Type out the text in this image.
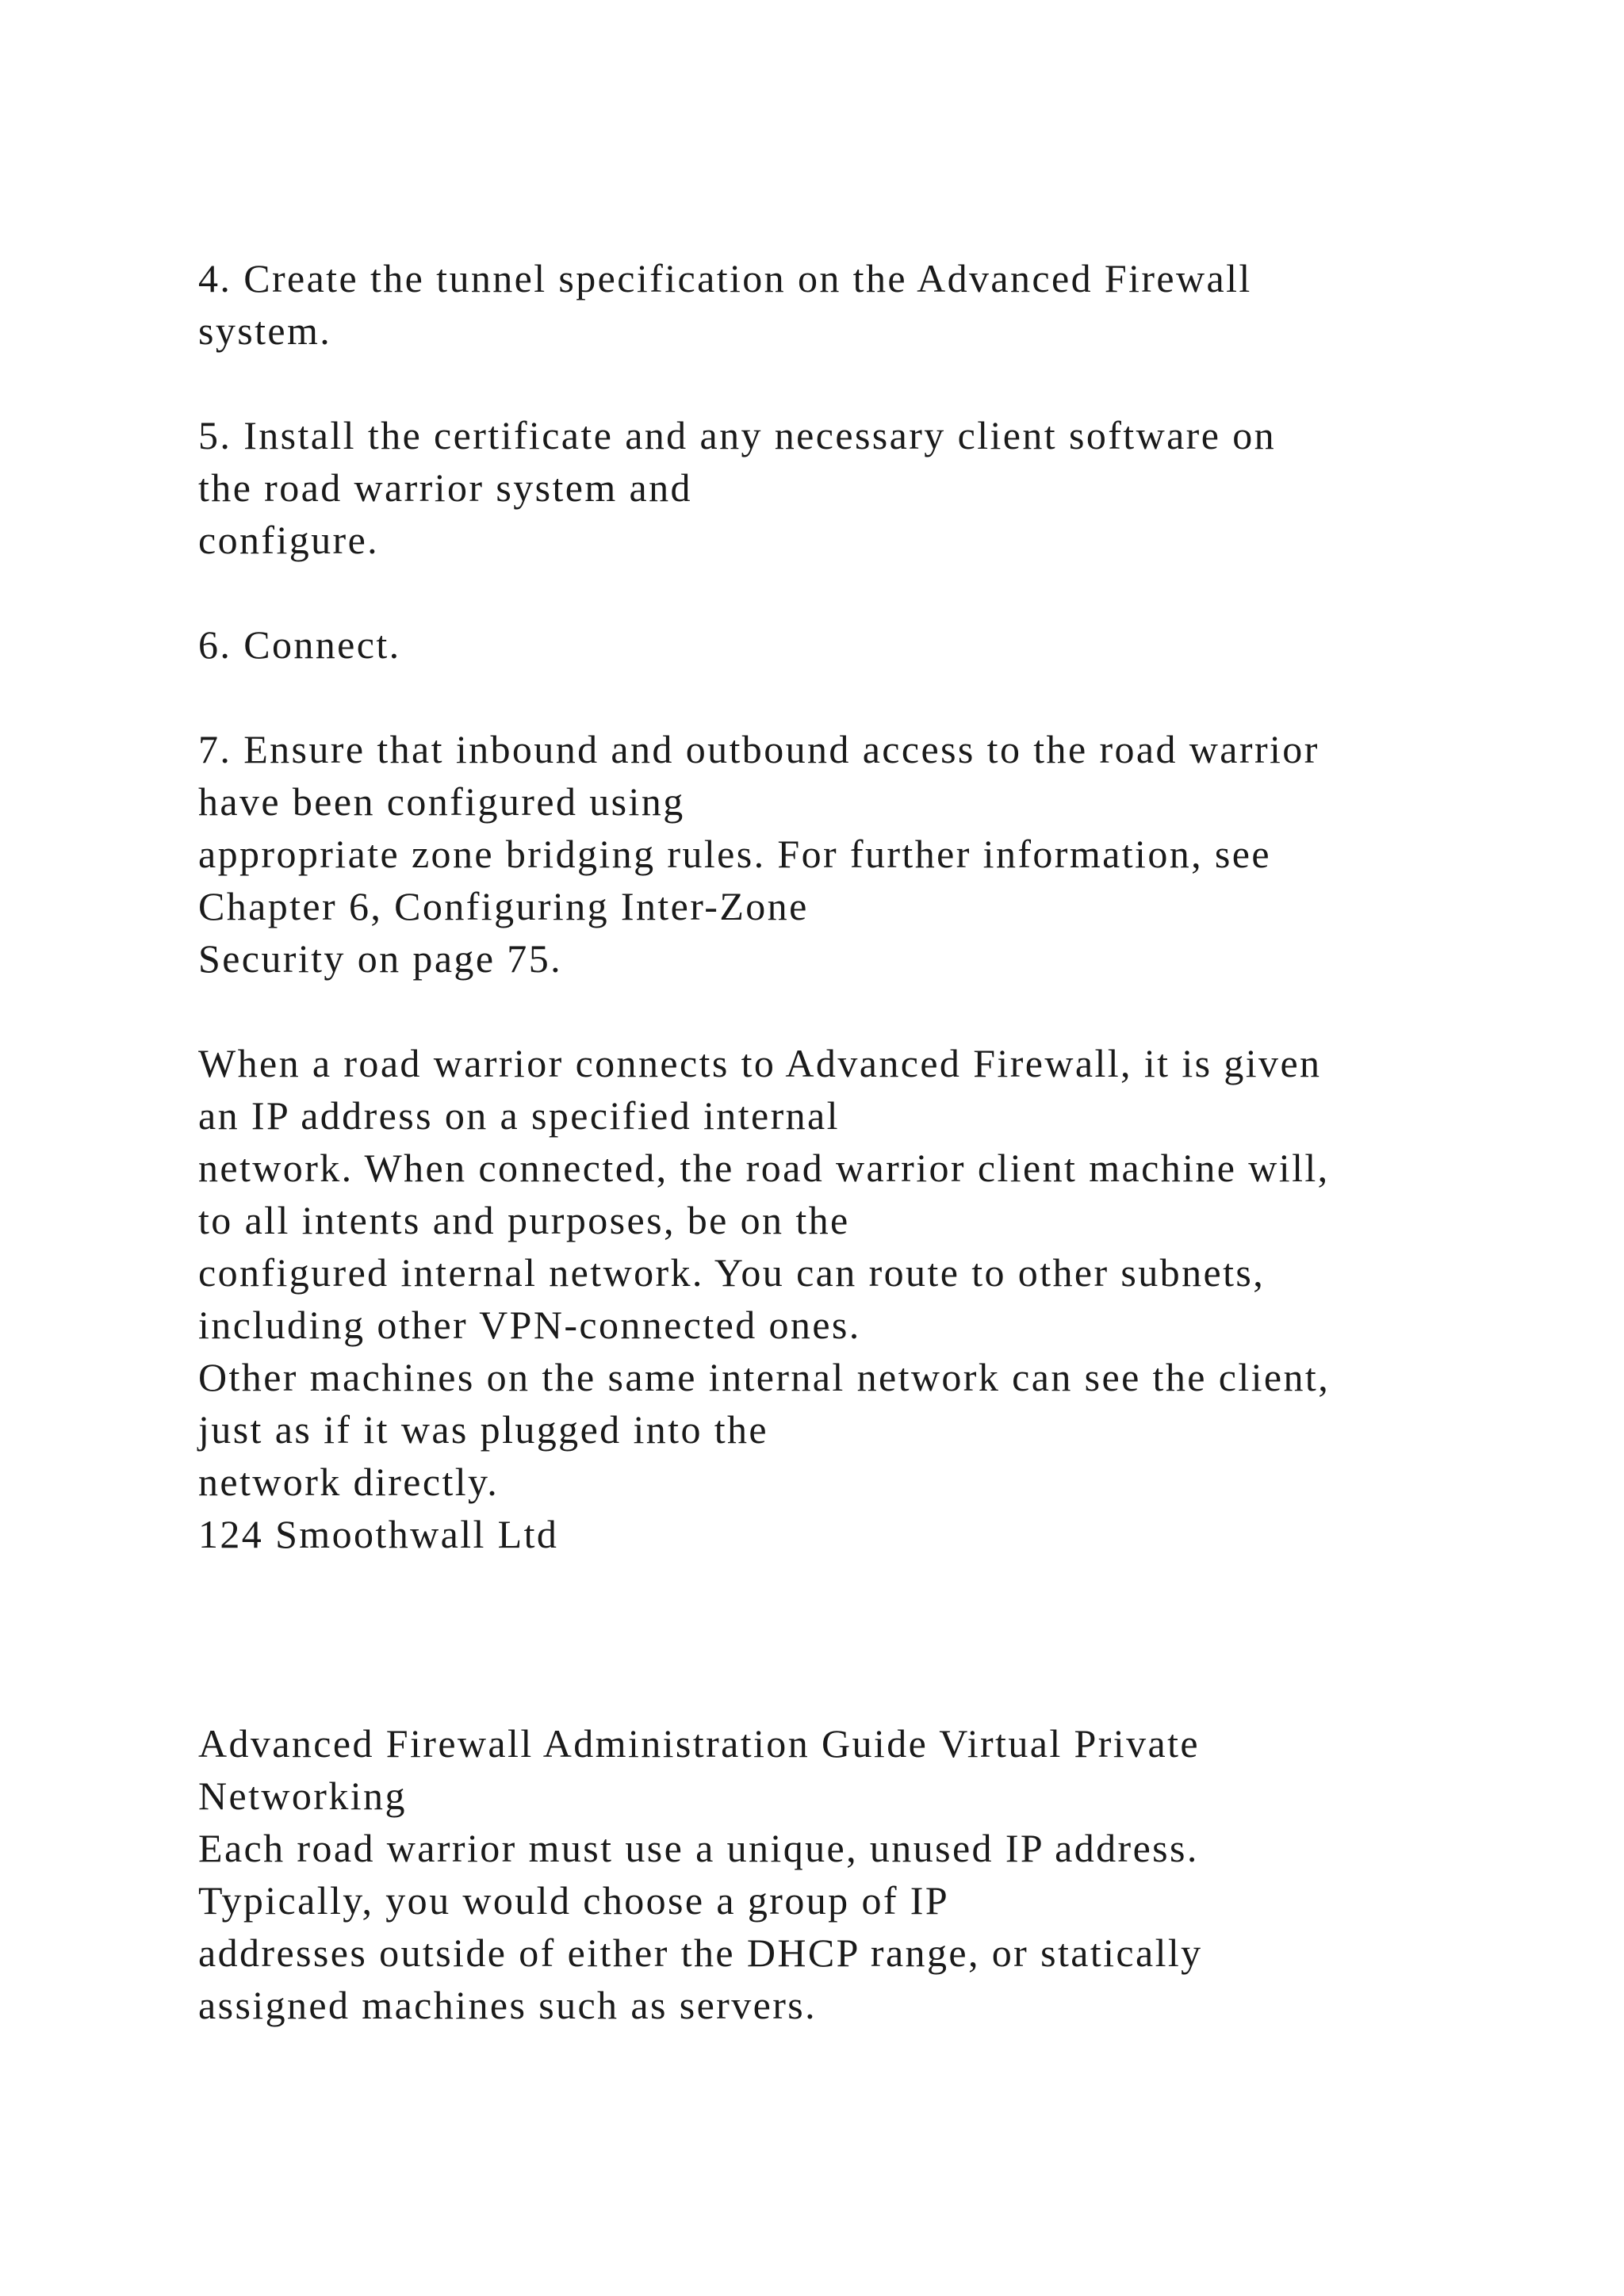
4. Create the tunnel specification on the Advanced Firewall

system.

5. Install the certificate and any necessary client software on

the road warrior system and

configure.

6. Connect.

7. Ensure that inbound and outbound access to the road warrior

have been configured using

appropriate zone bridging rules. For further information, see

Chapter 6, Configuring Inter-Zone

Security on page 75.

When a road warrior connects to Advanced Firewall, it is given

an IP address on a specified internal

network. When connected, the road warrior client machine will,

to all intents and purposes, be on the

configured internal network. You can route to other subnets,

including other VPN-connected ones.

Other machines on the same internal network can see the client,

just as if it was plugged into the

network directly.

124 Smoothwall Ltd

Advanced Firewall Administration Guide Virtual Private

Networking

Each road warrior must use a unique, unused IP address.

Typically, you would choose a group of IP

addresses outside of either the DHCP range, or statically

assigned machines such as servers.
